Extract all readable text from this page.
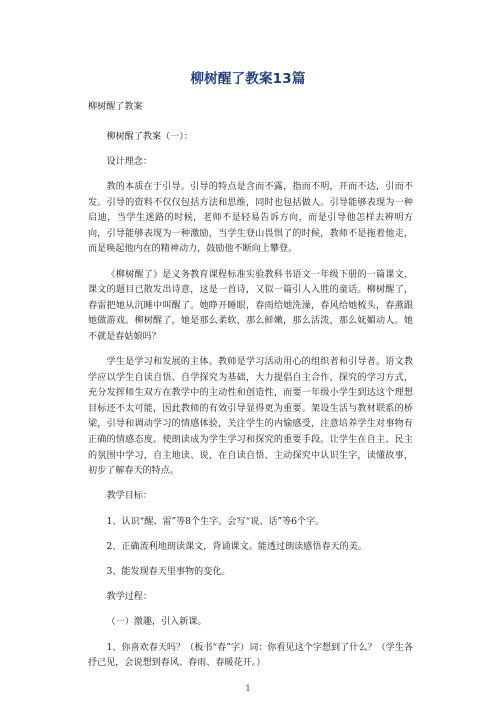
柳树醒了教案13篇

柳树醒了教案

柳树醒了教案（一）：

设计理念：

教的本质在于引导。引导的特点是含而不露，指而不明，开而不达，引而不发。引导的资料不仅仅包括方法和思维，同时也包括做人。引导能够表现为一种启迪，当学生迷路的时候，老师不是轻易告诉方向，而是引导他怎样去辨明方向，引导能够表现为一种激励，当学生登山畏惧了的时候，教师不是拖着他走，而是唤起他内在的精神动力，鼓励他不断向上攀登。

《柳树醒了》是义务教育课程标准实验教科书语文一年级下册的一篇课文，课文的题目已散发出诗意，这是一首诗，又似一篇引人入胜的童话。柳树醒了，春雷把她从沉睡中叫醒了。她睁开睡眼，春雨给她洗澡，春风给她梳头，春燕跟她做游戏。柳树醒了，她是那么柔软，那么鲜嫩，那么活泼，那么妩媚动人。她不就是春姑娘吗？

学生是学习和发展的主体。教师是学习活动用心的组织者和引导者。语文教学应以学生自读自悟、自学探究为基础，大力提倡自主合作，探究的学习方式，充分发挥师生双方在教学中的主动性和创造性，而要一年级小学生到达这个理想目标还不太可能，因此教师的有效引导显得更为重要。架设生活与教材联系的桥梁，引导和调动学习的情感体验，关注学生的内愉感受，注意培养学生对事物有正确的情感态度。使朗读成为学生学习和探究的重要手段。让学生在自主、民主的氛围中学习，自主地读、说，在自读自悟、主动探究中认识生字，读懂故事，初步了解春天的特点。

教学目标：

1、认识“醒、雷”等8个生字。会写“说、话”等6个字。

2、正确流利地朗读课文，背诵课文。能透过朗读感悟春天的美。

3、能发现春天里事物的变化。

教学过程：

（一）激趣，引入新课。

1、你喜欢春天吗？（板书“春”字）词：你看见这个字想到了什么？（学生各抒己见，会说想到春风、春雨、春暖花开。）

1
